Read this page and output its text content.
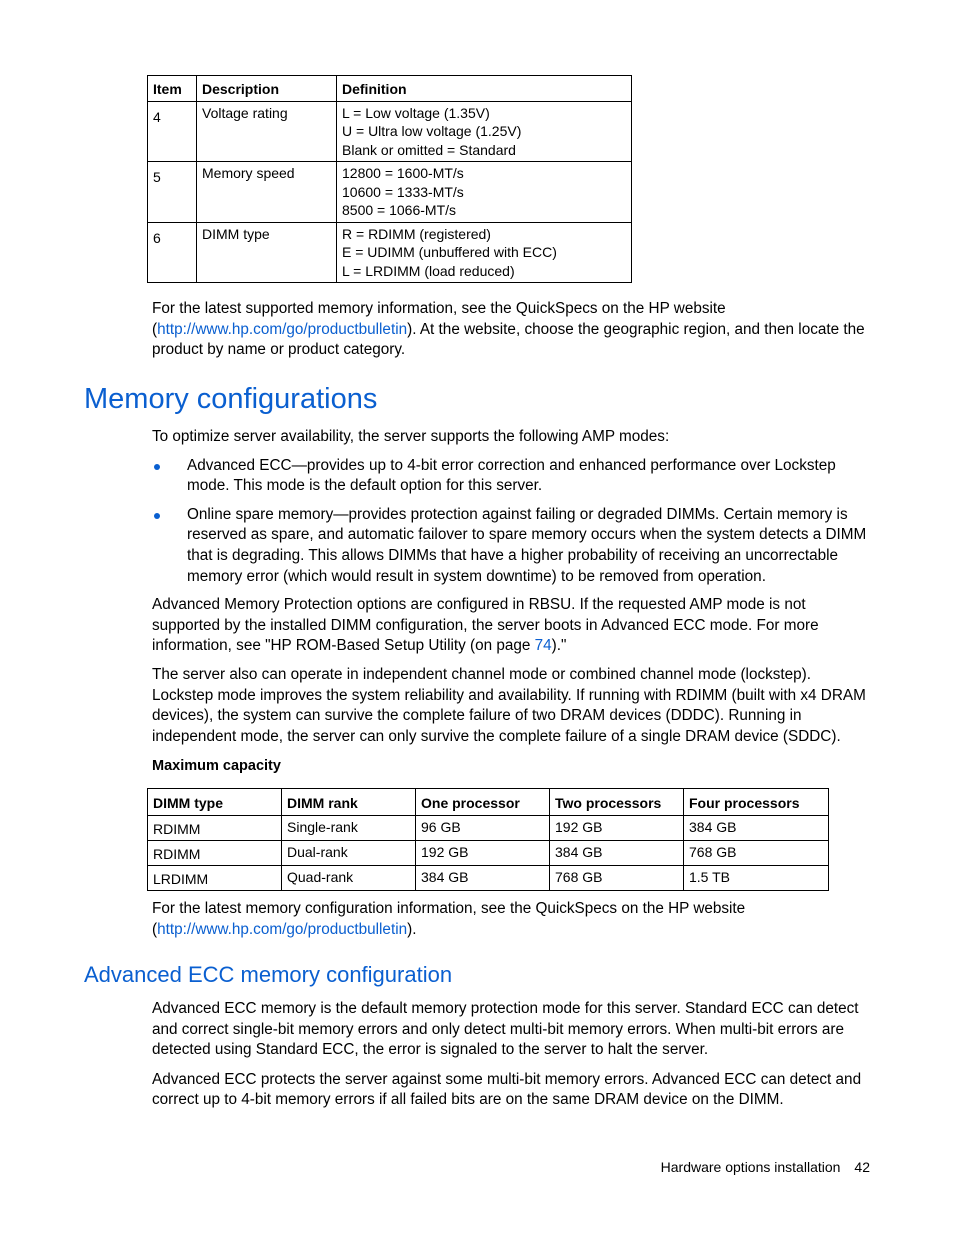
Item	Description	Definition
4	Voltage rating	L = Low voltage (1.35V)
U = Ultra low voltage (1.25V)
Blank or omitted = Standard

5	Memory speed	12800 = 1600-MT/s
10600 = 1333-MT/s
8500 = 1066-MT/s

6	DIMM type	R = RDIMM (registered)
E = UDIMM (unbuffered with ECC)
L = LRDIMM (load reduced)

For the latest supported memory information, see the QuickSpecs on the HP website
(http://www.hp.com/go/productbulletin). At the website, choose the geographic region, and then locate the product by name or product category.

Memory configurations

To optimize server availability, the server supports the following AMP modes:

Advanced ECC—provides up to 4-bit error correction and enhanced performance over Lockstep mode. This mode is the default option for this server.
Online spare memory—provides protection against failing or degraded DIMMs. Certain memory is reserved as spare, and automatic failover to spare memory occurs when the system detects a DIMM that is degrading. This allows DIMMs that have a higher probability of receiving an uncorrectable memory error (which would result in system downtime) to be removed from operation.

Advanced Memory Protection options are configured in RBSU. If the requested AMP mode is not supported by the installed DIMM configuration, the server boots in Advanced ECC mode. For more information, see "HP ROM-Based Setup Utility (on page 74)."

The server also can operate in independent channel mode or combined channel mode (lockstep). Lockstep mode improves the system reliability and availability. If running with RDIMM (built with x4 DRAM devices), the system can survive the complete failure of two DRAM devices (DDDC). Running in independent mode, the server can only survive the complete failure of a single DRAM device (SDDC).

Maximum capacity

DIMM type	DIMM rank	One processor	Two processors	Four processors
RDIMM	Single-rank	96 GB	192 GB	384 GB
RDIMM	Dual-rank	192 GB	384 GB	768 GB
LRDIMM	Quad-rank	384 GB	768 GB	1.5 TB

For the latest memory configuration information, see the QuickSpecs on the HP website
(http://www.hp.com/go/productbulletin).

Advanced ECC memory configuration

Advanced ECC memory is the default memory protection mode for this server. Standard ECC can detect and correct single-bit memory errors and only detect multi-bit memory errors. When multi-bit errors are detected using Standard ECC, the error is signaled to the server to halt the server.

Advanced ECC protects the server against some multi-bit memory errors. Advanced ECC can detect and correct up to 4-bit memory errors if all failed bits are on the same DRAM device on the DIMM.

Hardware options installation 42
